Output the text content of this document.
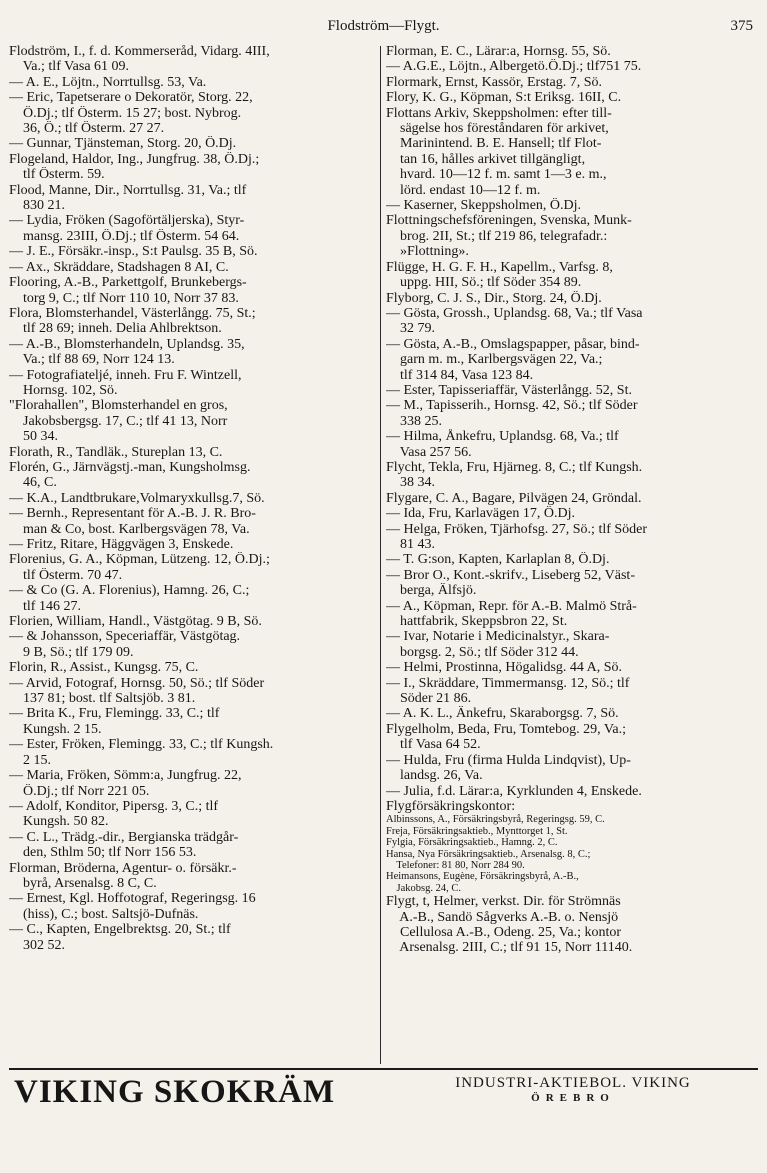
Flodström—Flygt.	375
Flodström, I., f. d. Kommerseråd, Vidarg. 4III,
Va.; tlf Vasa 61 09.
— A. E., Löjtn., Norrtullsg. 53, Va.
— Eric, Tapetserare o Dekoratör, Storg. 22,
Ö.Dj.; tlf Österm. 15 27; bost. Nybrog.
36, Ö.; tlf Österm. 27 27.
— Gunnar, Tjänsteman, Storg. 20, Ö.Dj.
Flogeland, Haldor, Ing., Jungfrug. 38, Ö.Dj.;
tlf Österm. 59.
Flood, Manne, Dir., Norrtullsg. 31, Va.; tlf
830 21.
— Lydia, Fröken (Sagoförtäljerska), Styr-
mansg. 23III, Ö.Dj.; tlf Österm. 54 64.
— J. E., Försäkr.-insp., S:t Paulsg. 35 B, Sö.
— Ax., Skräddare, Stadshagen 8 AI, C.
Flooring, A.-B., Parkettgolf, Brunkebergs-
torg 9, C.; tlf Norr 110 10, Norr 37 83.
Flora, Blomsterhandel, Västerlångg. 75, St.;
tlf 28 69; inneh. Delia Ahlbrektson.
— A.-B., Blomsterhandeln, Uplandsg. 35,
Va.; tlf 88 69, Norr 124 13.
— Fotografiateljé, inneh. Fru F. Wintzell,
Hornsg. 102, Sö.
"Florahallen", Blomsterhandel en gros,
Jakobsbergsg. 17, C.; tlf 41 13, Norr
50 34.
Florath, R., Tandläk., Stureplan 13, C.
Florén, G., Järnvägstj.-man, Kungsholmsg.
46, C.
— K.A., Landtbrukare,Volmaryxkullsg.7, Sö.
— Bernh., Representant för A.-B. J. R. Bro-
man & Co, bost. Karlbergsvägen 78, Va.
— Fritz, Ritare, Häggvägen 3, Enskede.
Florenius, G. A., Köpman, Lützeng. 12, Ö.Dj.;
tlf Österm. 70 47.
— & Co (G. A. Florenius), Hamng. 26, C.;
tlf 146 27.
Florien, William, Handl., Västgötag. 9 B, Sö.
— & Johansson, Speceriaffär, Västgötag.
9 B, Sö.; tlf 179 09.
Florin, R., Assist., Kungsg. 75, C.
— Arvid, Fotograf, Hornsg. 50, Sö.; tlf Söder
137 81; bost. tlf Saltsjöb. 3 81.
— Brita K., Fru, Flemingg. 33, C.; tlf
Kungsh. 2 15.
— Ester, Fröken, Flemingg. 33, C.; tlf Kungsh.
2 15.
— Maria, Fröken, Sömm:a, Jungfrug. 22,
Ö.Dj.; tlf Norr 221 05.
— Adolf, Konditor, Pipersg. 3, C.; tlf
Kungsh. 50 82.
— C. L., Trädg.-dir., Bergianska trädgår-
den, Sthlm 50; tlf Norr 156 53.
Florman, Bröderna, Agentur- o. försäkr.-
byrå, Arsenalsg. 8 C, C.
— Ernest, Kgl. Hoffotograf, Regeringsg. 16
(hiss), C.; bost. Saltsjö-Dufnäs.
— C., Kapten, Engelbrektsg. 20, St.; tlf
302 52.
Florman, E. C., Lärar:a, Hornsg. 55, Sö.
— A.G.E., Löjtn., Albergetö.Ö.Dj.; tlf751 75.
Flormark, Ernst, Kassör, Erstag. 7, Sö.
Flory, K. G., Köpman, S:t Eriksg. 16II, C.
Flottans Arkiv, Skeppsholmen: efter till-
sägelse hos föreståndaren för arkivet,
Marinintend. B. E. Hansell; tlf Flot-
tan 16, hålles arkivet tillgängligt,
hvard. 10—12 f. m. samt 1—3 e. m.,
lörd. endast 10—12 f. m.
— Kaserner, Skeppsholmen, Ö.Dj.
Flottningschefsföreningen, Svenska, Munk-
brog. 2II, St.; tlf 219 86, telegrafadr.:
»Flottning».
Flügge, H. G. F. H., Kapellm., Varfsg. 8,
uppg. HII, Sö.; tlf Söder 354 89.
Flyborg, C. J. S., Dir., Storg. 24, Ö.Dj.
— Gösta, Grossh., Uplandsg. 68, Va.; tlf Vasa
32 79.
— Gösta, A.-B., Omslagspapper, påsar, bind-
garn m. m., Karlbergsvägen 22, Va.;
tlf 314 84, Vasa 123 84.
— Ester, Tapisseriaffär, Västerlångg. 52, St.
— M., Tapisserih., Hornsg. 42, Sö.; tlf Söder
338 25.
— Hilma, Ånkefru, Uplandsg. 68, Va.; tlf
Vasa 257 56.
Flycht, Tekla, Fru, Hjärneg. 8, C.; tlf Kungsh.
38 34.
Flygare, C. A., Bagare, Pilvägen 24, Gröndal.
— Ida, Fru, Karlavägen 17, Ö.Dj.
— Helga, Fröken, Tjärhofsg. 27, Sö.; tlf Söder
81 43.
— T. G:son, Kapten, Karlaplan 8, Ö.Dj.
— Bror O., Kont.-skrifv., Liseberg 52, Väst-
berga, Älfsjö.
— A., Köpman, Repr. för A.-B. Malmö Strå-
hattfabrik, Skeppsbron 22, St.
— Ivar, Notarie i Medicinalstyr., Skara-
borgsg. 2, Sö.; tlf Söder 312 44.
— Helmi, Prostinna, Högalidsg. 44 A, Sö.
— I., Skräddare, Timmermansg. 12, Sö.; tlf
Söder 21 86.
— A. K. L., Änkefru, Skaraborgsg. 7, Sö.
Flygelholm, Beda, Fru, Tomtebog. 29, Va.;
tlf Vasa 64 52.
— Hulda, Fru (firma Hulda Lindqvist), Up-
landsg. 26, Va.
— Julia, f.d. Lärar:a, Kyrklunden 4, Enskede.
Flygförsäkringskontor:
Albinssons, A., Försäkringsbyrå, Regeringsg. 59, C.
Freja, Försäkringsaktieb., Mynttorget 1, St.
Fylgia, Försäkringsaktieb., Hamng. 2, C.
Hansa, Nya Försäkringsaktieb., Arsenalsg. 8, C.;
Telefoner: 81 80, Norr 284 90.
Heimansons, Eugène, Försäkringsbyrå, A.-B.,
Jakobsg. 24, C.
Flygt, t, Helmer, verkst. Dir. för Strömnäs
A.-B., Sandö Sågverks A.-B. o. Nensjö
Cellulosa A.-B., Odeng. 25, Va.; kontor
Arsenalsg. 2III, C.; tlf 91 15, Norr 11140.
VIKING SKOKRÄM	INDUSTRI-AKTIEBOL. VIKING
ÖREBRO
